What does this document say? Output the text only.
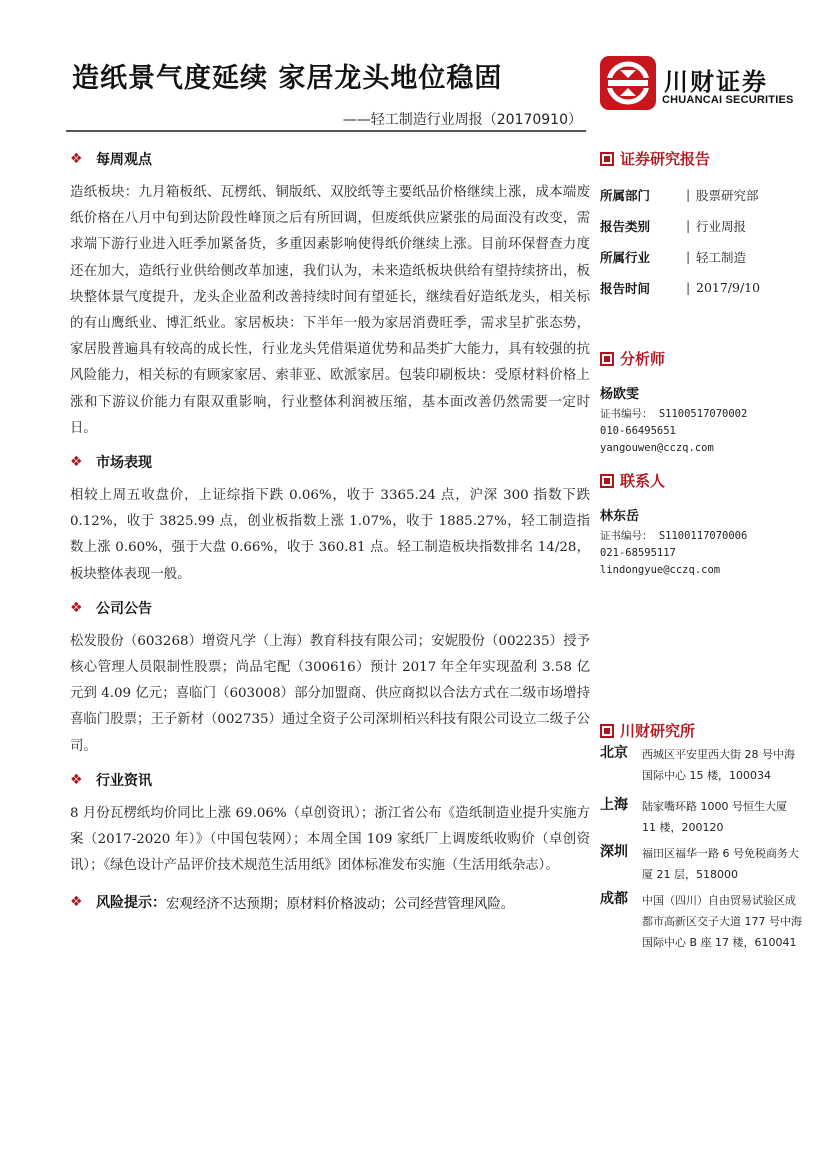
造纸景气度延续 家居龙头地位稳固
——轻工制造行业周报（20170910）
川财证券
CHUANCAI SECURITIES
❖ 每周观点

造纸板块：九月箱板纸、瓦楞纸、铜版纸、双胶纸等主要纸品价格继续上涨，成本端废纸价格在八月中旬到达阶段性峰顶之后有所回调，但废纸供应紧张的局面没有改变，需求端下游行业进入旺季加紧备货，多重因素影响使得纸价继续上涨。目前环保督查力度还在加大，造纸行业供给侧改革加速，我们认为，未来造纸板块供给有望持续挤出，板块整体景气度提升，龙头企业盈利改善持续时间有望延长，继续看好造纸龙头，相关标的有山鹰纸业、博汇纸业。家居板块：下半年一般为家居消费旺季，需求呈扩张态势，家居股普遍具有较高的成长性，行业龙头凭借渠道优势和品类扩大能力，具有较强的抗风险能力，相关标的有顾家家居、索菲亚、欧派家居。包装印刷板块：受原材料价格上涨和下游议价能力有限双重影响，行业整体利润被压缩，基本面改善仍然需要一定时日。

❖ 市场表现

相较上周五收盘价，上证综指下跌 0.06%，收于 3365.24 点，沪深 300 指数下跌 0.12%，收于 3825.99 点，创业板指数上涨 1.07%，收于 1885.27%，轻工制造指数上涨 0.60%，强于大盘 0.66%，收于 360.81 点。轻工制造板块指数排名 14/28，板块整体表现一般。

❖ 公司公告

松发股份（603268）增资凡学（上海）教育科技有限公司；安妮股份（002235）授予核心管理人员限制性股票；尚品宅配（300616）预计 2017 年全年实现盈利 3.58 亿元到 4.09 亿元；喜临门（603008）部分加盟商、供应商拟以合法方式在二级市场增持喜临门股票；王子新材（002735）通过全资子公司深圳栢兴科技有限公司设立二级子公司。

❖ 行业资讯

8 月份瓦楞纸均价同比上涨 69.06%（卓创资讯）；浙江省公布《造纸制造业提升实施方案（2017-2020 年）》（中国包装网）；本周全国 109 家纸厂上调废纸收购价（卓创资讯）；《绿色设计产品评价技术规范生活用纸》团体标准发布实施（生活用纸杂志）。

❖ 风险提示： 宏观经济不达预期；原材料价格波动；公司经营管理风险。
证券研究报告
所属部门	| 股票研究部
报告类别	| 行业周报
所属行业	| 轻工制造
报告时间	| 2017/9/10
分析师
杨欧雯
证书编号： S1100517070002
010-66495651
yangouwen@cczq.com
联系人
林东岳
证书编号： S1100117070006
021-68595117
lindongyue@cczq.com
川财研究所
北京 西城区平安里西大街 28 号中海国际中心 15 楼，100034
上海 陆家嘴环路 1000 号恒生大厦 11 楼，200120
深圳 福田区福华一路 6 号免税商务大厦 21 层，518000
成都 中国（四川）自由贸易试验区成都市高新区交子大道 177 号中海国际中心 B 座 17 楼，610041
